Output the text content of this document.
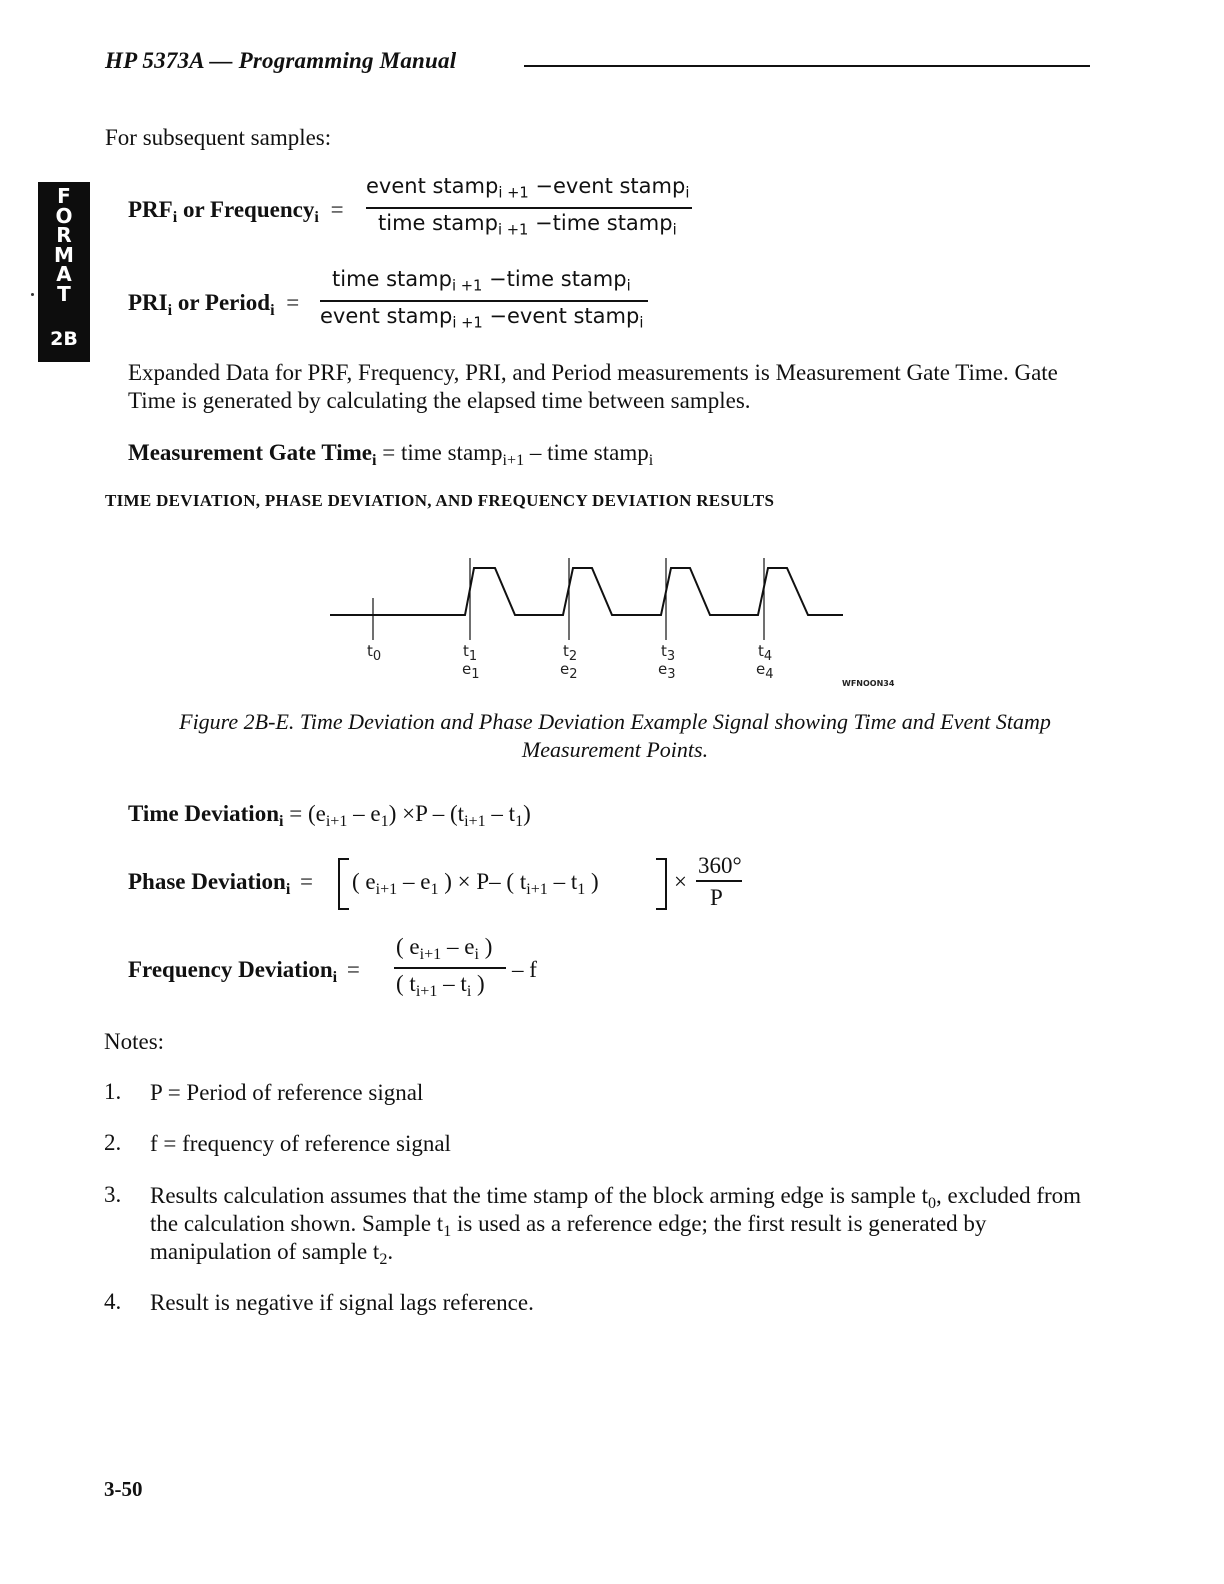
HP 5373A — Programming Manual
F
O
R
M
A
T
2B
For subsequent samples:
$PRF_i$ or Frequency$_i$ =
event stamp$_{i +1}$ −event stamp$_i$
time stamp$_{i +1}$ −time stamp$_i$
$PRI_i$ or Period$_i$ =
time stamp$_{i +1}$ −time stamp$_i$
event stamp$_{i +1}$ −event stamp$_i$
Expanded Data for PRF, Frequency, PRI, and Period measurements is Measurement Gate Time. Gate Time is generated by calculating the elapsed time between samples.
Measurement Gate Time$_i$ = time stamp$_{i+1}$ – time stamp$_i$
TIME DEVIATION, PHASE DEVIATION, AND FREQUENCY DEVIATION RESULTS
t0	t1	t2	t3	t4
e1	e2	e3	e4
WFNOON34
Figure 2B-E. Time Deviation and Phase Deviation Example Signal showing Time and Event Stamp Measurement Points.
Time Deviation$_i$ = $(e_{i+1} - e_1) \times P - (t_{i+1} - t_1)$
Phase Deviation$_i$ = ( $e_{i+1} - e_1$ ) × P– ( $t_{i+1} - t_1$ )	×
360°
P
Frequency Deviation$_i$ =
( $e_{i+1} - e_i$ )
( $t_{i+1} - t_i$ )
– f
Notes:
1. P = Period of reference signal
2. f = frequency of reference signal
3. Results calculation assumes that the time stamp of the block arming edge is sample $t_0$, excluded from the calculation shown. Sample $t_1$ is used as a reference edge; the first result is generated by manipulation of sample $t_2$.
4. Result is negative if signal lags reference.
3-50
